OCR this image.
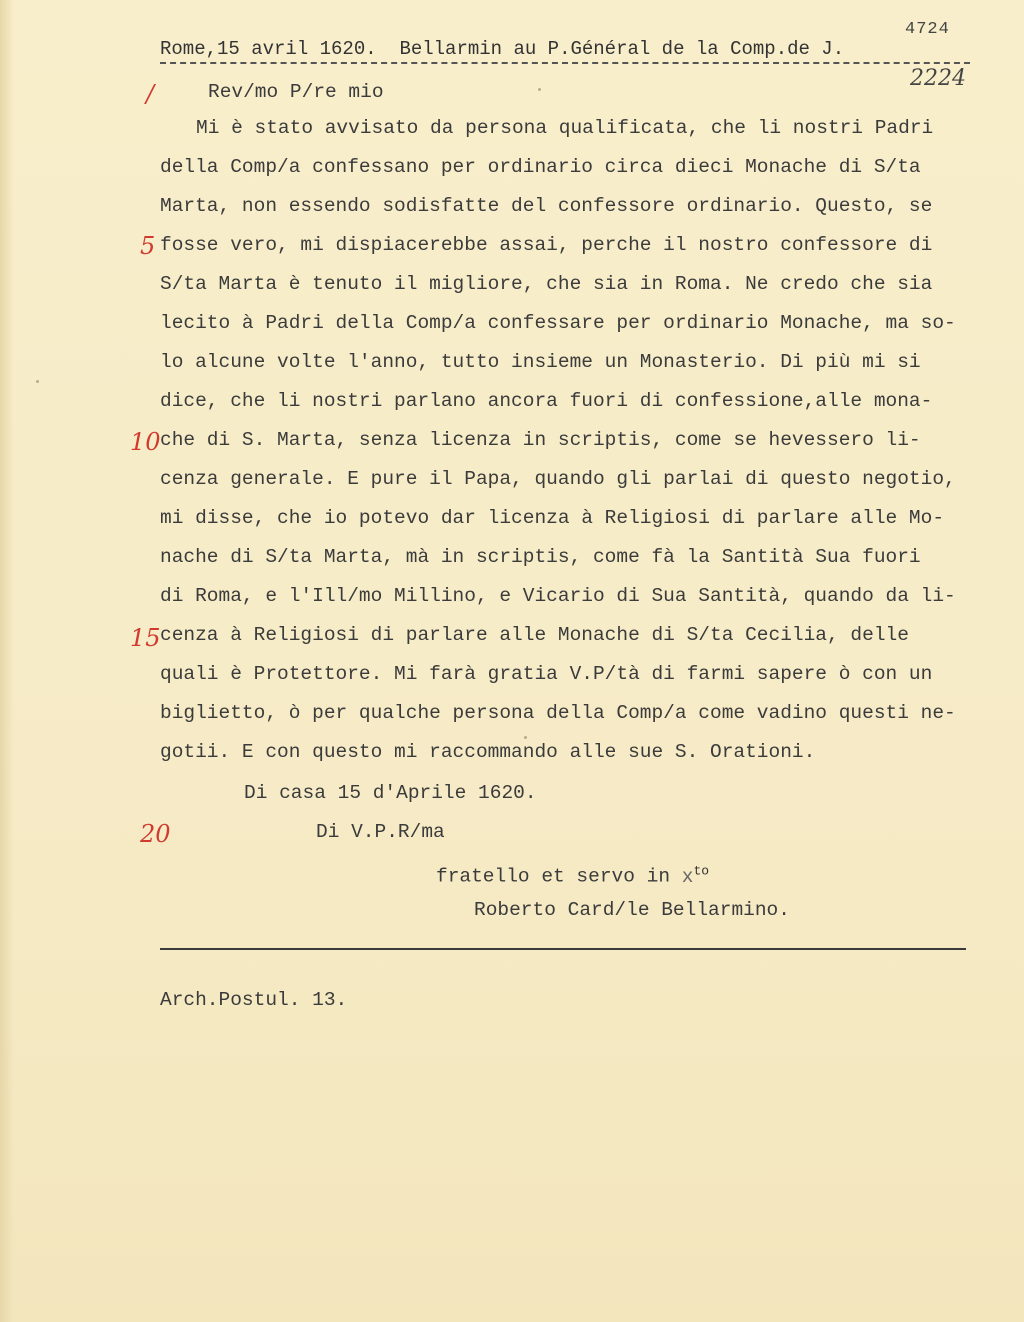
4724
Rome,15 avril 1620.  Bellarmin au P.Général de la Comp.de J.
2224
/
5
10
15
20
Rev/mo P/re mio
Mi è stato avvisato da persona qualificata, che li nostri Padri
della Comp/a confessano per ordinario circa dieci Monache di S/ta
Marta, non essendo sodisfatte del confessore ordinario. Questo, se
fosse vero, mi dispiacerebbe assai, perche il nostro confessore di
S/ta Marta è tenuto il migliore, che sia in Roma. Ne credo che sia
lecito à Padri della Comp/a confessare per ordinario Monache, ma so-
lo alcune volte l'anno, tutto insieme un Monasterio. Di più mi si
dice, che li nostri parlano ancora fuori di confessione,alle mona-
che di S. Marta, senza licenza in scriptis, come se hevessero li-
cenza generale. E pure il Papa, quando gli parlai di questo negotio,
mi disse, che io potevo dar licenza à Religiosi di parlare alle Mo-
nache di S/ta Marta, mà in scriptis, come fà la Santità Sua fuori
di Roma, e l'Ill/mo Millino, e Vicario di Sua Santità, quando da li-
cenza à Religiosi di parlare alle Monache di S/ta Cecilia, delle
quali è Protettore. Mi farà gratia V.P/tà di farmi sapere ò con un
biglietto, ò per qualche persona della Comp/a come vadino questi ne-
gotii. E con questo mi raccommando alle sue S. Orationi.
Di casa 15 d'Aprile 1620.
Di V.P.R/ma
fratello et servo in $x^{to}$
Roberto Card/le Bellarmino.
Arch.Postul. 13.
